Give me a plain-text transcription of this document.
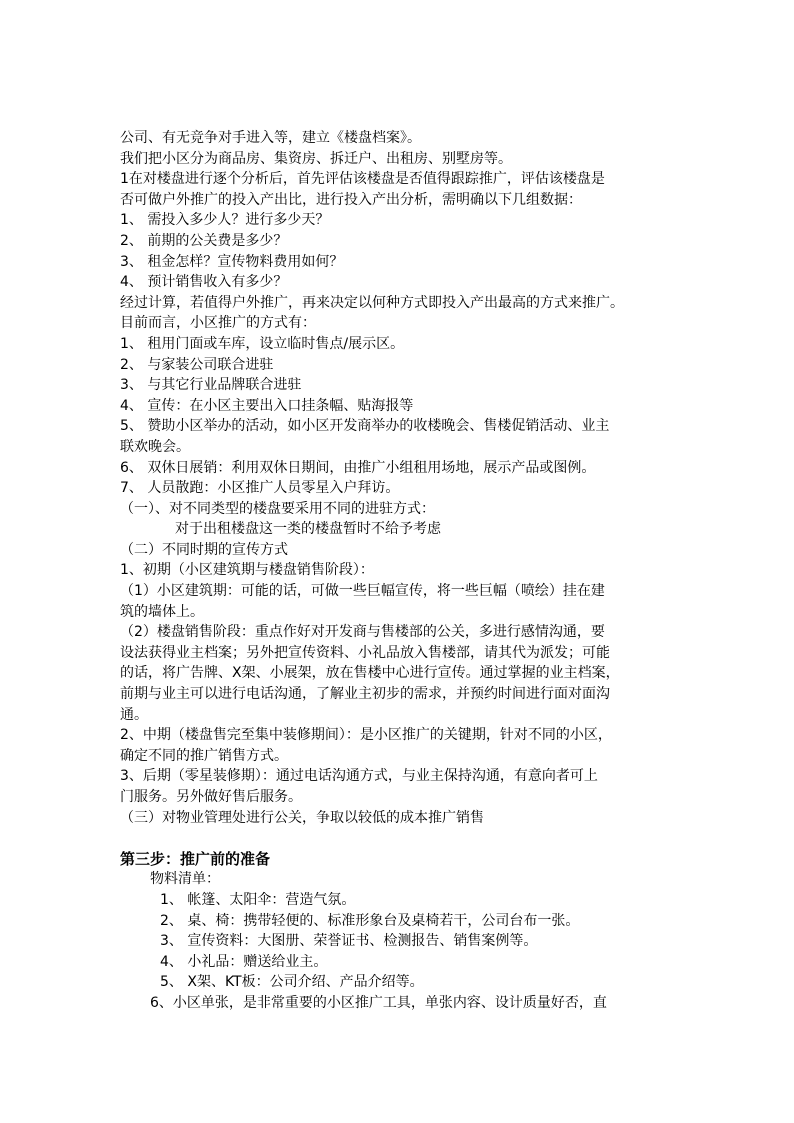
公司、有无竞争对手进入等，建立《楼盘档案》。
我们把小区分为商品房、集资房、拆迁户、出租房、别墅房等。
1在对楼盘进行逐个分析后，首先评估该楼盘是否值得跟踪推广，评估该楼盘是
否可做户外推广的投入产出比，进行投入产出分析，需明确以下几组数据：
1、 需投入多少人？进行多少天？
2、 前期的公关费是多少？
3、 租金怎样？宣传物料费用如何？
4、 预计销售收入有多少？
经过计算，若值得户外推广，再来决定以何种方式即投入产出最高的方式来推广。
目前而言，小区推广的方式有：
1、 租用门面或车库，设立临时售点/展示区。
2、 与家装公司联合进驻
3、 与其它行业品牌联合进驻
4、 宣传：在小区主要出入口挂条幅、贴海报等
5、 赞助小区举办的活动，如小区开发商举办的收楼晚会、售楼促销活动、业主
联欢晚会。
6、 双休日展销：利用双休日期间，由推广小组租用场地，展示产品或图例。
7、 人员散跑：小区推广人员零星入户拜访。
（一）、对不同类型的楼盘要采用不同的进驻方式：
对于出租楼盘这一类的楼盘暂时不给予考虑
（二）不同时期的宣传方式
1、初期（小区建筑期与楼盘销售阶段）：
（1）小区建筑期：可能的话，可做一些巨幅宣传，将一些巨幅（喷绘）挂在建
筑的墙体上。
（2）楼盘销售阶段：重点作好对开发商与售楼部的公关，多进行感情沟通，要
设法获得业主档案；另外把宣传资料、小礼品放入售楼部，请其代为派发；可能
的话，将广告牌、X架、小展架，放在售楼中心进行宣传。通过掌握的业主档案，
前期与业主可以进行电话沟通，了解业主初步的需求，并预约时间进行面对面沟
通。
2、中期（楼盘售完至集中装修期间）：是小区推广的关键期，针对不同的小区，
确定不同的推广销售方式。
3、后期（零星装修期）：通过电话沟通方式，与业主保持沟通，有意向者可上
门服务。另外做好售后服务。
（三）对物业管理处进行公关，争取以较低的成本推广销售
第三步：推广前的准备
物料清单：
1、 帐篷、太阳伞：营造气氛。
2、 桌、椅：携带轻便的、标准形象台及桌椅若干，公司台布一张。
3、 宣传资料：大图册、荣誉证书、检测报告、销售案例等。
4、 小礼品：赠送给业主。
5、 X架、KT板：公司介绍、产品介绍等。
6、小区单张，是非常重要的小区推广工具，单张内容、设计质量好否，直
